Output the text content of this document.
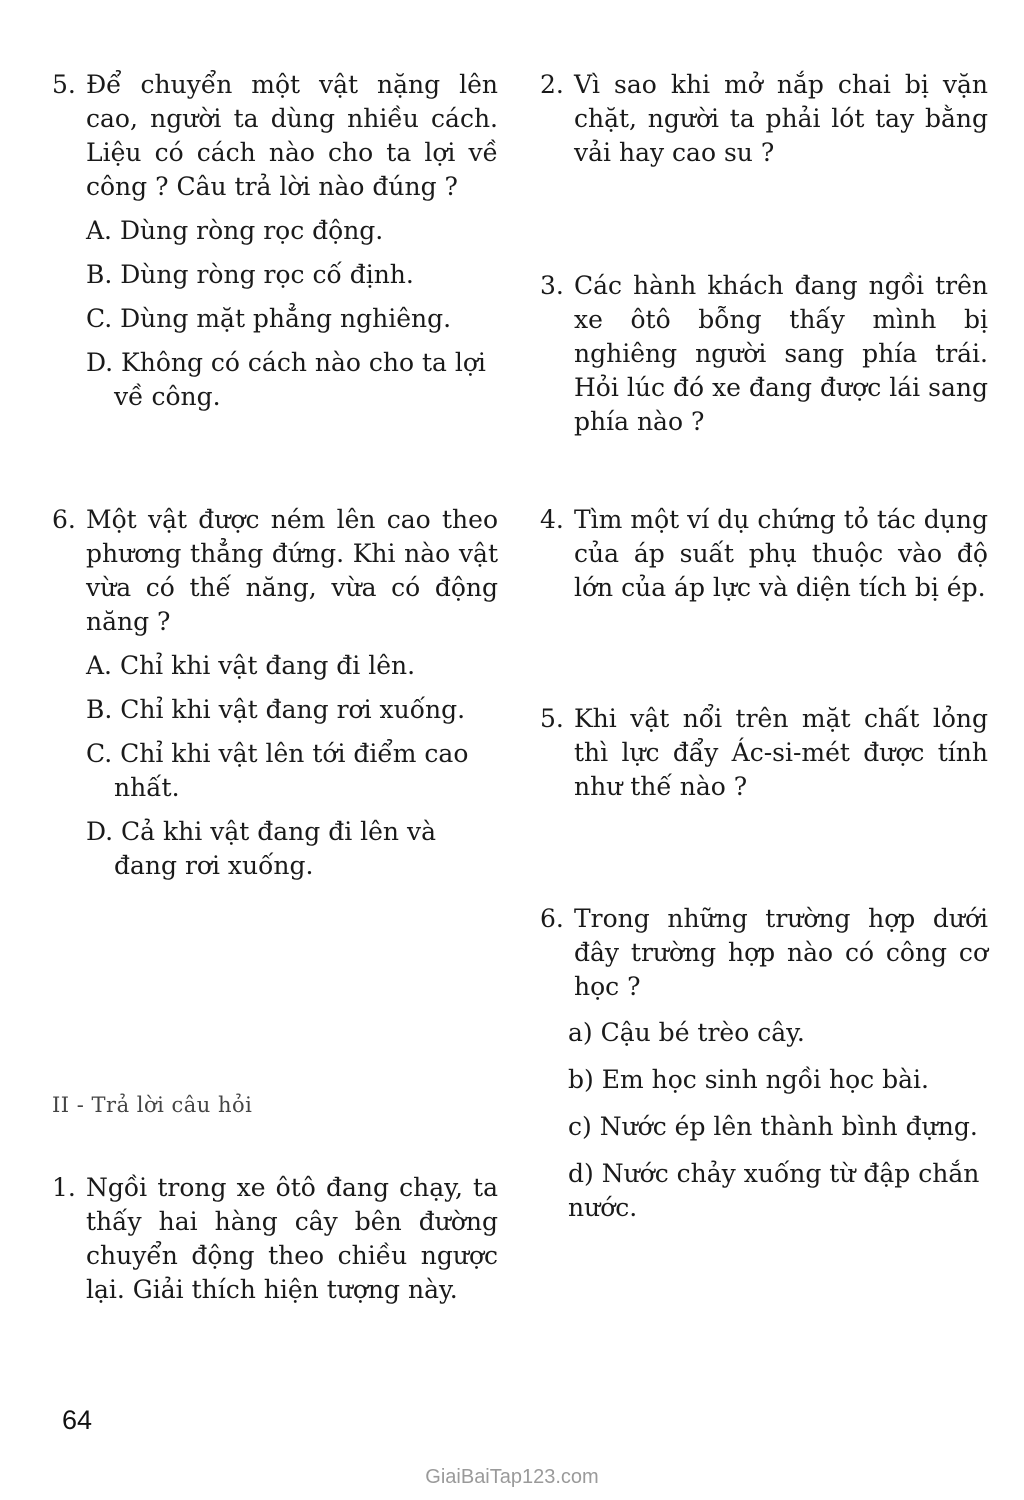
5. Để chuyển một vật nặng lên cao, người ta dùng nhiều cách. Liệu có cách nào cho ta lợi về công ? Câu trả lời nào đúng ?
A. Dùng ròng rọc động.
B. Dùng ròng rọc cố định.
C. Dùng mặt phẳng nghiêng.
D. Không có cách nào cho ta lợi về công.
6. Một vật được ném lên cao theo phương thẳng đứng. Khi nào vật vừa có thế năng, vừa có động năng ?
A. Chỉ khi vật đang đi lên.
B. Chỉ khi vật đang rơi xuống.
C. Chỉ khi vật lên tới điểm cao nhất.
D. Cả khi vật đang đi lên và đang rơi xuống.
II - Trả lời câu hỏi
1. Ngồi trong xe ôtô đang chạy, ta thấy hai hàng cây bên đường chuyển động theo chiều ngược lại. Giải thích hiện tượng này.
2. Vì sao khi mở nắp chai bị vặn chặt, người ta phải lót tay bằng vải hay cao su ?
3. Các hành khách đang ngồi trên xe ôtô bỗng thấy mình bị nghiêng người sang phía trái. Hỏi lúc đó xe đang được lái sang phía nào ?
4. Tìm một ví dụ chứng tỏ tác dụng của áp suất phụ thuộc vào độ lớn của áp lực và diện tích bị ép.
5. Khi vật nổi trên mặt chất lỏng thì lực đẩy Ác-si-mét được tính như thế nào ?
6. Trong những trường hợp dưới đây trường hợp nào có công cơ học ?
a) Cậu bé trèo cây.
b) Em học sinh ngồi học bài.
c) Nước ép lên thành bình đựng.
d) Nước chảy xuống từ đập chắn nước.
64
GiaiBaiTap123.com
